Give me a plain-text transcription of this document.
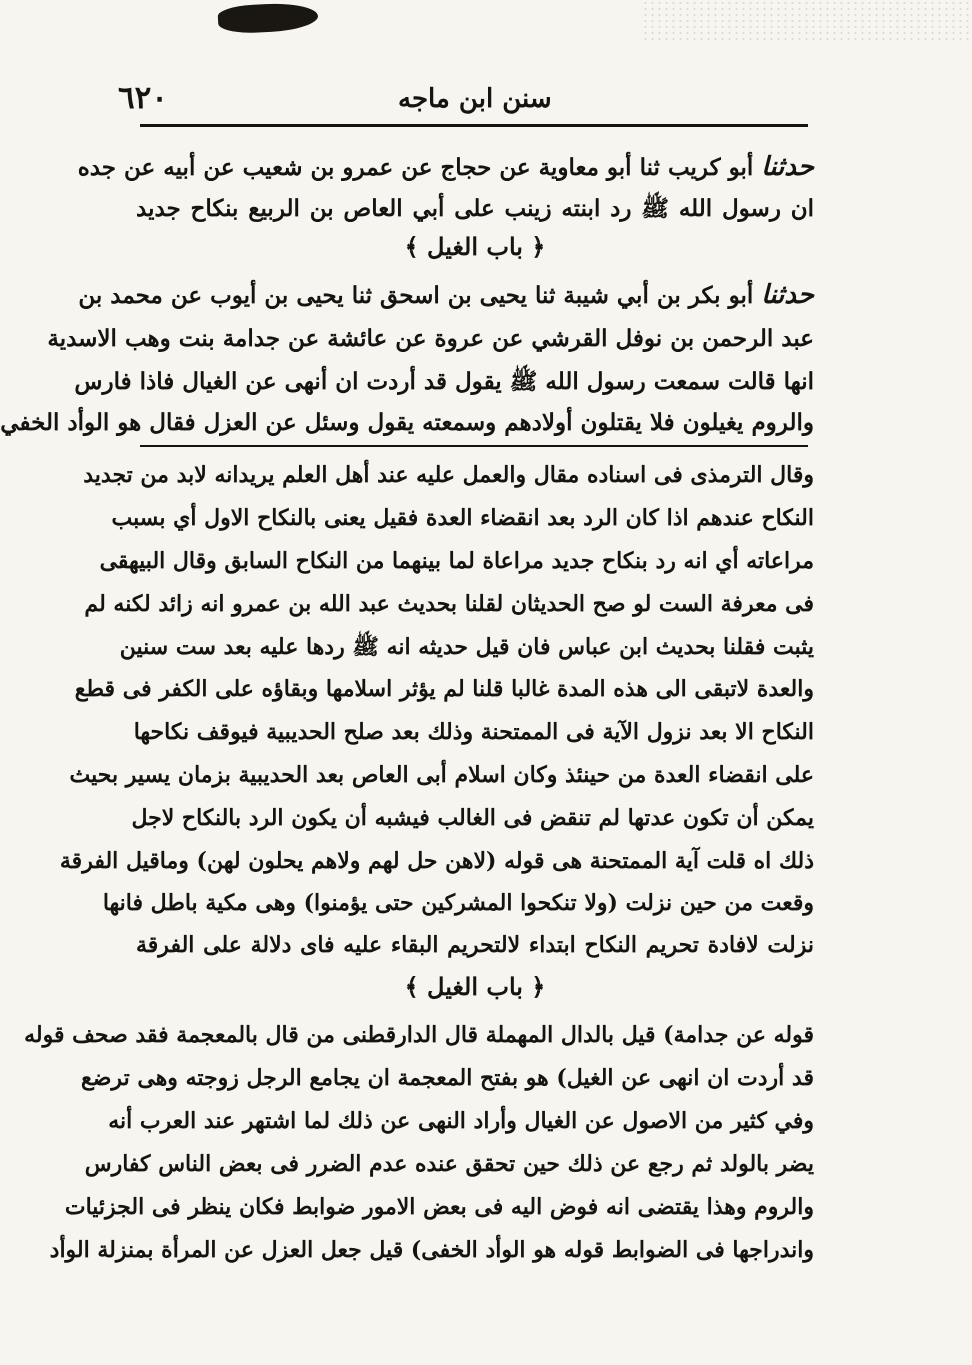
٦٢٠	سنن ابن ماجه
حدثنا أبو كريب ثنا أبو معاوية عن حجاج عن عمرو بن شعيب عن أبيه عن جده
ان رسول الله ﷺ رد ابنته زينب على أبي العاص بن الربيع بنكاح جديد
﴿ باب الغيل ﴾
حدثنا أبو بكر بن أبي شيبة ثنا يحيى بن اسحق ثنا يحيى بن أيوب عن محمد بن
عبد الرحمن بن نوفل القرشي عن عروة عن عائشة عن جدامة بنت وهب الاسدية
انها قالت سمعت رسول الله ﷺ يقول قد أردت ان أنهى عن الغيال فاذا فارس
والروم يغيلون فلا يقتلون أولادهم وسمعته يقول وسئل عن العزل فقال هو الوأد الخفي
وقال الترمذى فى اسناده مقال والعمل عليه عند أهل العلم يريدانه لابد من تجديد
النكاح عندهم اذا كان الرد بعد انقضاء العدة فقيل يعنى بالنكاح الاول أي بسبب
مراعاته أي انه رد بنكاح جديد مراعاة لما بينهما من النكاح السابق وقال البيهقى
فى معرفة الست لو صح الحديثان لقلنا بحديث عبد الله بن عمرو انه زائد لكنه لم
يثبت فقلنا بحديث ابن عباس فان قيل حديثه انه ﷺ ردها عليه بعد ست سنين
والعدة لاتبقى الى هذه المدة غالبا قلنا لم يؤثر اسلامها وبقاؤه على الكفر فى قطع
النكاح الا بعد نزول الآية فى الممتحنة وذلك بعد صلح الحديبية فيوقف نكاحها
على انقضاء العدة من حينئذ وكان اسلام أبى العاص بعد الحديبية بزمان يسير بحيث
يمكن أن تكون عدتها لم تنقض فى الغالب فيشبه أن يكون الرد بالنكاح لاجل
ذلك اه قلت آية الممتحنة هى قوله (لاهن حل لهم ولاهم يحلون لهن) وماقيل الفرقة
وقعت من حين نزلت (ولا تنكحوا المشركين حتى يؤمنوا) وهى مكية باطل فانها
نزلت لافادة تحريم النكاح ابتداء لالتحريم البقاء عليه فاى دلالة على الفرقة
﴿ باب الغيل ﴾
قوله عن جدامة) قيل بالدال المهملة قال الدارقطنى من قال بالمعجمة فقد صحف قوله
قد أردت ان انهى عن الغيل) هو بفتح المعجمة ان يجامع الرجل زوجته وهى ترضع
وفي كثير من الاصول عن الغيال وأراد النهى عن ذلك لما اشتهر عند العرب أنه
يضر بالولد ثم رجع عن ذلك حين تحقق عنده عدم الضرر فى بعض الناس كفارس
والروم وهذا يقتضى انه فوض اليه فى بعض الامور ضوابط فكان ينظر فى الجزئيات
واندراجها فى الضوابط قوله هو الوأد الخفى) قيل جعل العزل عن المرأة بمنزلة الوأد
